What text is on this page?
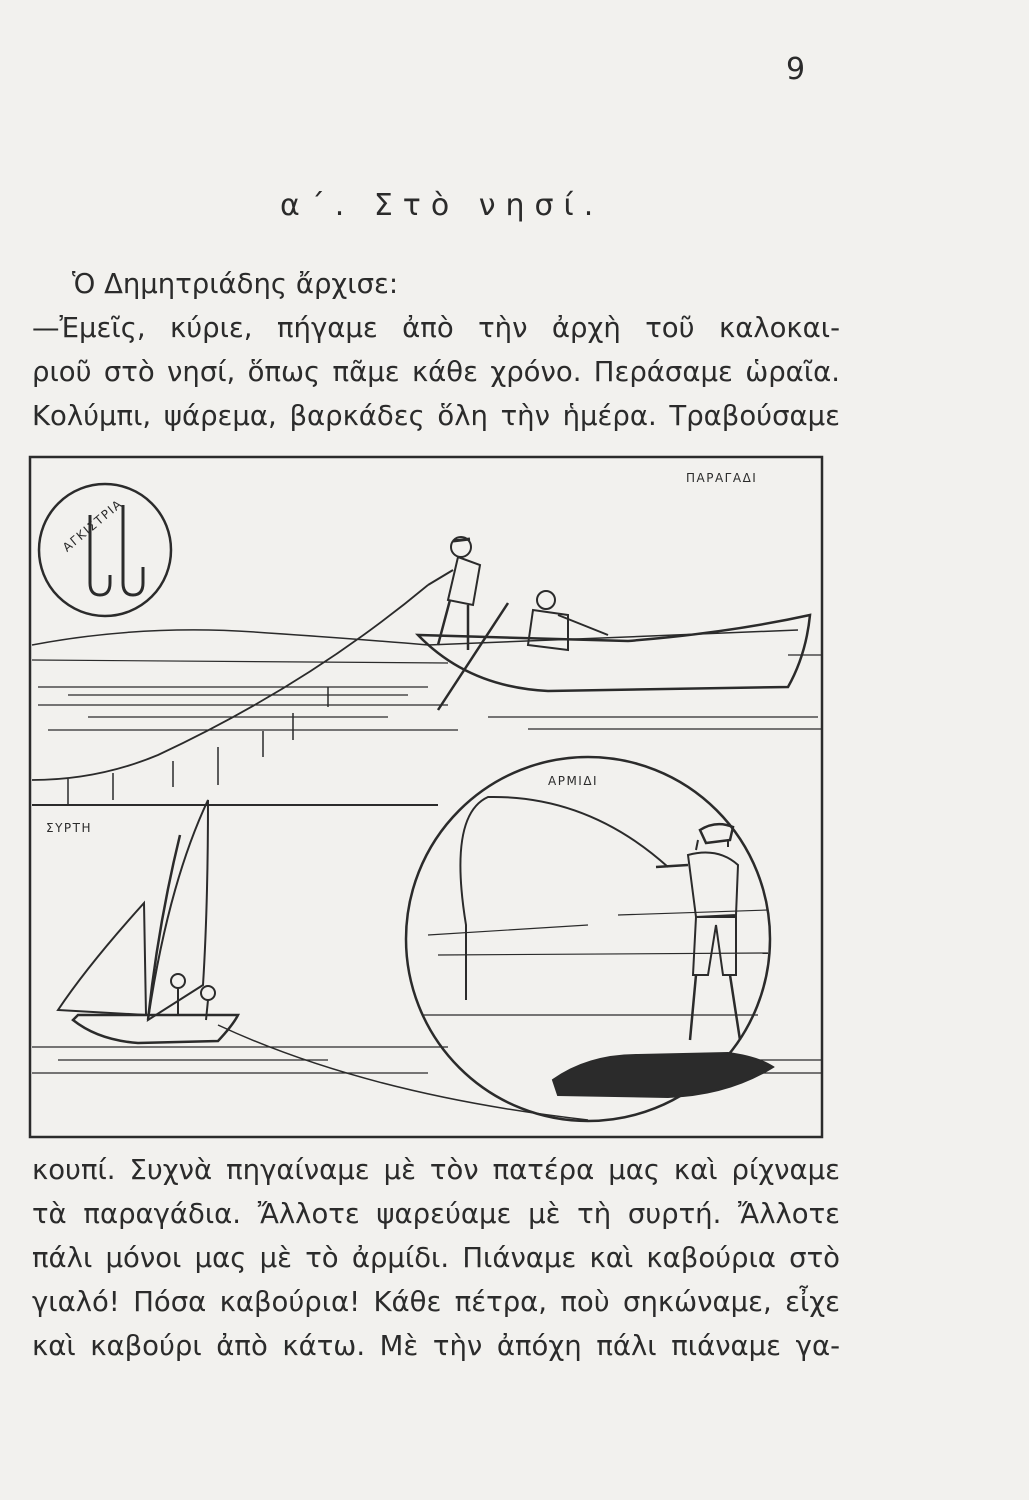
9
α΄. Στὸ νησί.

Ὁ Δημητριάδης ἄρχισε:
—Ἐμεῖς, κύριε, πήγαμε ἀπὸ τὴν ἀρχὴ τοῦ καλοκαι-
ριοῦ στὸ νησί, ὅπως πᾶμε κάθε χρόνο. Περάσαμε ὡραῖα.
Κολύμπι, ψάρεμα, βαρκάδες ὅλη τὴν ἡμέρα. Τραβούσαμε

ΑΓΚΙΣΤΡΙΑ
ΠΑΡΑΓΑΔΙ
ΣΥΡΤΗ
ΑΡΜΙΔΙ

κουπί. Συχνὰ πηγαίναμε μὲ τὸν πατέρα μας καὶ ρίχναμε
τὰ παραγάδια. Ἄλλοτε ψαρεύαμε μὲ τὴ συρτή. Ἄλλοτε
πάλι μόνοι μας μὲ τὸ ἀρμίδι. Πιάναμε καὶ καβούρια στὸ
γιαλό! Πόσα καβούρια! Κάθε πέτρα, ποὺ σηκώναμε, εἶχε
καὶ καβούρι ἀπὸ κάτω. Μὲ τὴν ἀπόχη πάλι πιάναμε γα-
